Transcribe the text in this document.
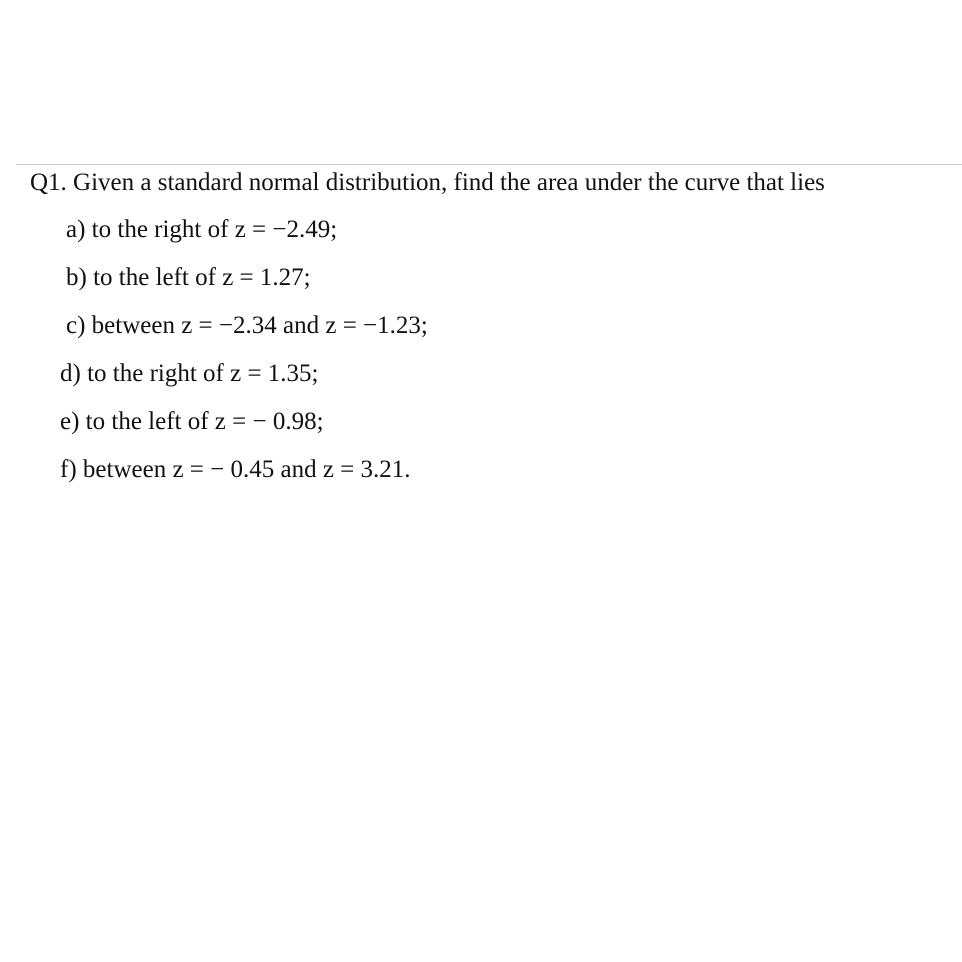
Q1. Given a standard normal distribution, find the area under the curve that lies
a) to the right of z = −2.49;
b) to the left of z = 1.27;
c) between z = −2.34 and z = −1.23;
d) to the right of z = 1.35;
e) to the left of z = − 0.98;
f) between z = − 0.45 and z = 3.21.
